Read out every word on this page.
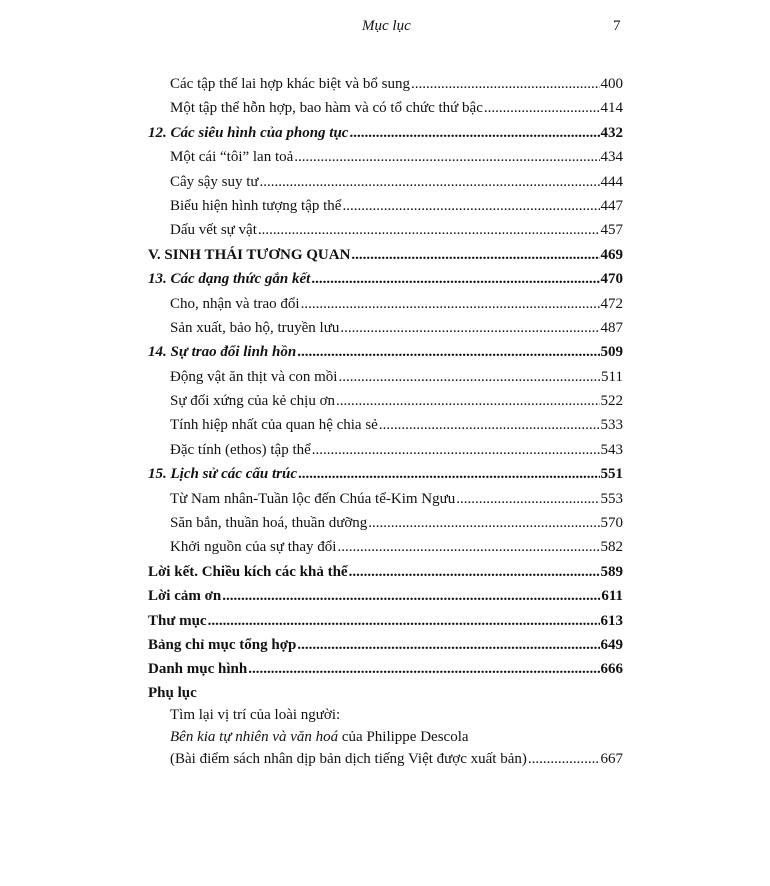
Mục lục	7
Các tập thể lai hợp khác biệt và bổ sung .....	400
Một tập thể hỗn hợp, bao hàm và có tổ chức thứ bậc .....	414
12. Các siêu hình của phong tục .....	432
Một cái “tôi” lan toả .....	434
Cây sậy suy tư .....	444
Biểu hiện hình tượng tập thể .....	447
Dấu vết sự vật .....	457
V. SINH THÁI TƯƠNG QUAN .....	469
13. Các dạng thức gắn kết .....	470
Cho, nhận và trao đổi .....	472
Sản xuất, bảo hộ, truyền lưu .....	487
14. Sự trao đổi linh hồn .....	509
Động vật ăn thịt và con mồi .....	511
Sự đối xứng của kẻ chịu ơn .....	522
Tính hiệp nhất của quan hệ chia sẻ .....	533
Đặc tính (ethos) tập thể .....	543
15. Lịch sử các cấu trúc .....	551
Từ Nam nhân-Tuần lộc đến Chúa tể-Kim Ngưu .....	553
Săn bắn, thuần hoá, thuần dưỡng .....	570
Khởi nguồn của sự thay đổi .....	582
Lời kết. Chiều kích các khả thể .....	589
Lời cảm ơn .....	611
Thư mục .....	613
Bảng chỉ mục tổng hợp .....	649
Danh mục hình .....	666
Phụ lục
Tìm lại vị trí của loài người:
Bên kia tự nhiên và văn hoá của Philippe Descola
(Bài điểm sách nhân dịp bản dịch tiếng Việt được xuất bản) .....	667
